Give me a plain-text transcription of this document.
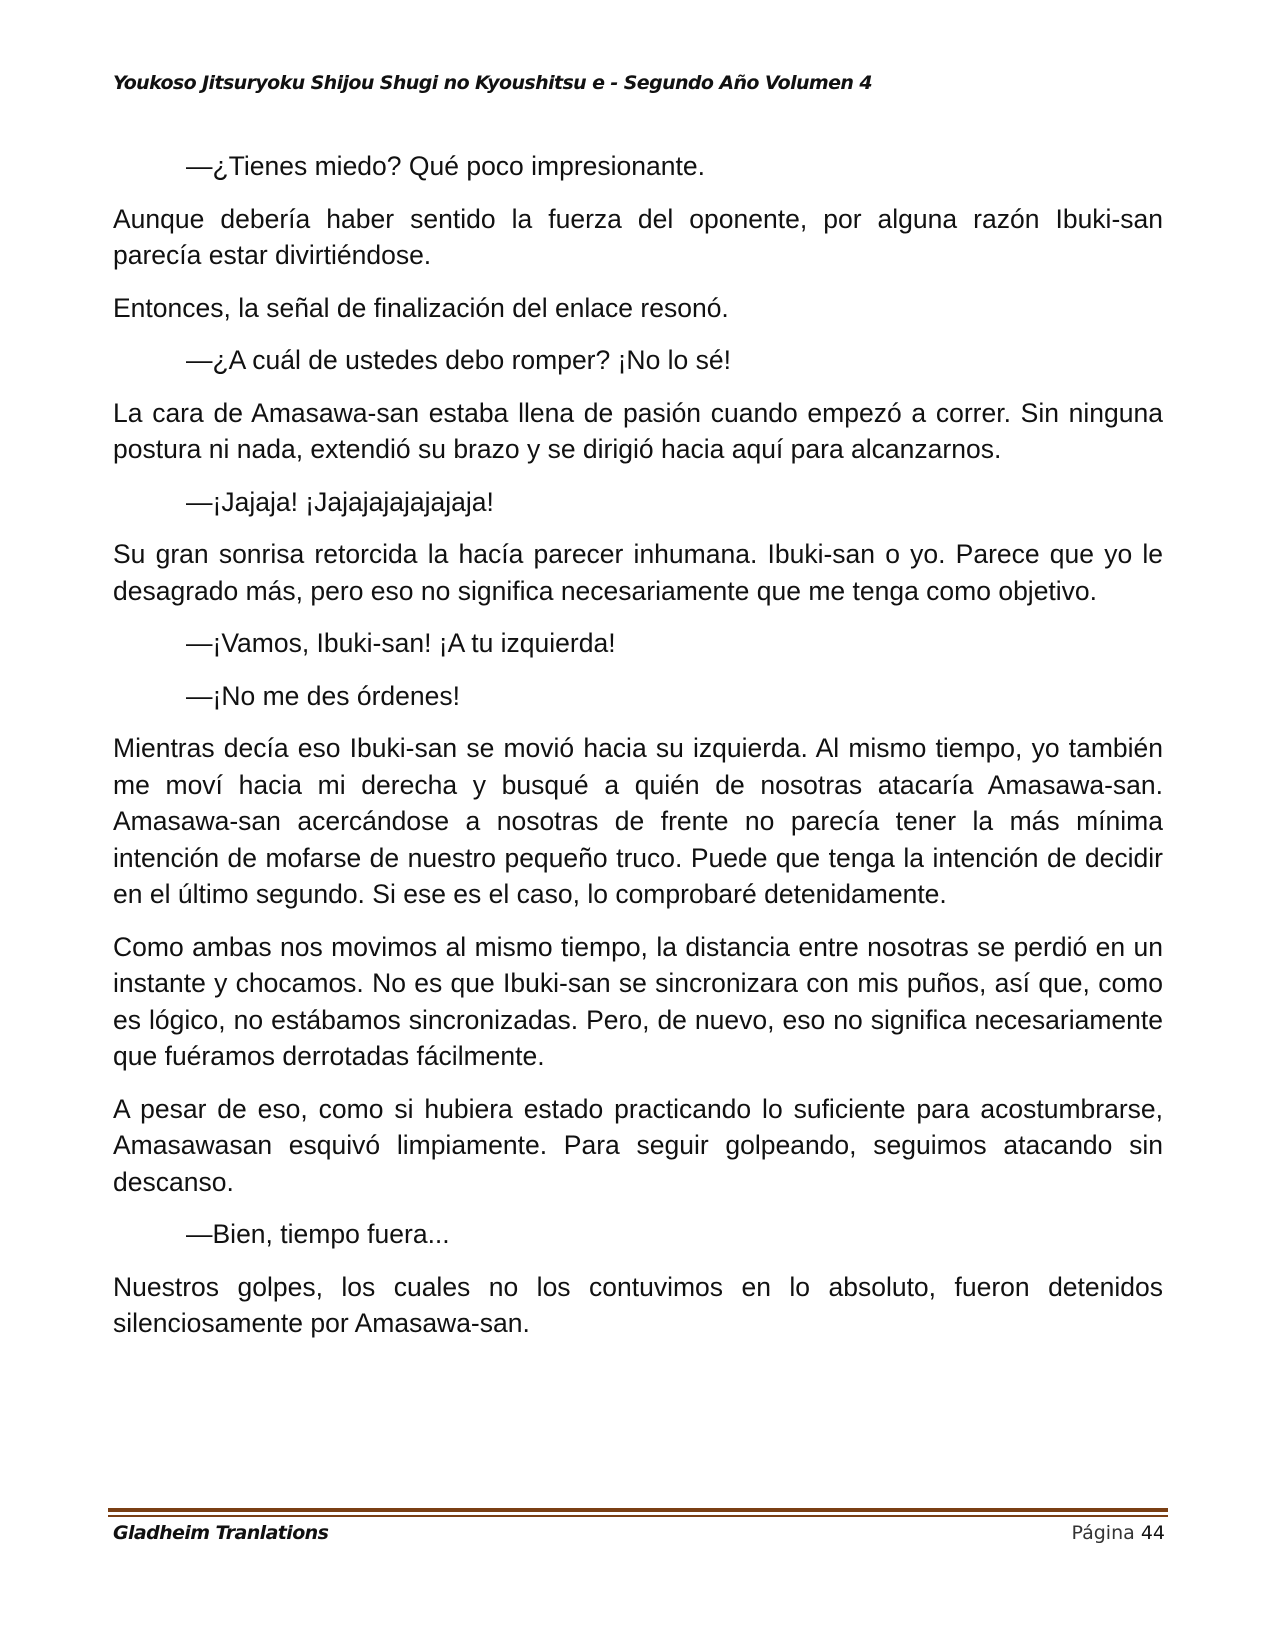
Youkoso Jitsuryoku Shijou Shugi no Kyoushitsu e - Segundo Año Volumen 4

—¿Tienes miedo? Qué poco impresionante.

Aunque debería haber sentido la fuerza del oponente, por alguna razón Ibuki-san parecía estar divirtiéndose.

Entonces, la señal de finalización del enlace resonó.

—¿A cuál de ustedes debo romper? ¡No lo sé!

La cara de Amasawa-san estaba llena de pasión cuando empezó a correr. Sin ninguna postura ni nada, extendió su brazo y se dirigió hacia aquí para alcanzarnos.

—¡Jajaja! ¡Jajajajajajajaja!

Su gran sonrisa retorcida la hacía parecer inhumana. Ibuki-san o yo. Parece que yo le desagrado más, pero eso no significa necesariamente que me tenga como objetivo.

—¡Vamos, Ibuki-san! ¡A tu izquierda!

—¡No me des órdenes!

Mientras decía eso Ibuki-san se movió hacia su izquierda. Al mismo tiempo, yo también me moví hacia mi derecha y busqué a quién de nosotras atacaría Amasawa-san. Amasawa-san acercándose a nosotras de frente no parecía tener la más mínima intención de mofarse de nuestro pequeño truco. Puede que tenga la intención de decidir en el último segundo. Si ese es el caso, lo comprobaré detenidamente.

Como ambas nos movimos al mismo tiempo, la distancia entre nosotras se perdió en un instante y chocamos. No es que Ibuki-san se sincronizara con mis puños, así que, como es lógico, no estábamos sincronizadas. Pero, de nuevo, eso no significa necesariamente que fuéramos derrotadas fácilmente.

A pesar de eso, como si hubiera estado practicando lo suficiente para acostumbrarse, Amasawasan esquivó limpiamente. Para seguir golpeando, seguimos atacando sin descanso.

—Bien, tiempo fuera...

Nuestros golpes, los cuales no los contuvimos en lo absoluto, fueron detenidos silenciosamente por Amasawa-san.

Gladheim Tranlations	Página 44
